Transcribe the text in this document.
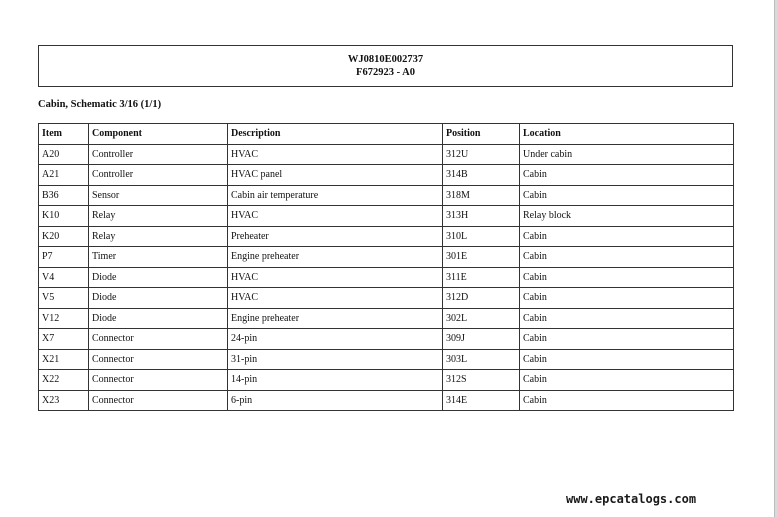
WJ0810E002737
F672923 - A0
Cabin, Schematic 3/16 (1/1)
Item	Component	Description	Position	Location
A20	Controller	HVAC	312U	Under cabin
A21	Controller	HVAC panel	314B	Cabin
B36	Sensor	Cabin air temperature	318M	Cabin
K10	Relay	HVAC	313H	Relay block
K20	Relay	Preheater	310L	Cabin
P7	Timer	Engine preheater	301E	Cabin
V4	Diode	HVAC	311E	Cabin
V5	Diode	HVAC	312D	Cabin
V12	Diode	Engine preheater	302L	Cabin
X7	Connector	24-pin	309J	Cabin
X21	Connector	31-pin	303L	Cabin
X22	Connector	14-pin	312S	Cabin
X23	Connector	6-pin	314E	Cabin
www.epcatalogs.com
